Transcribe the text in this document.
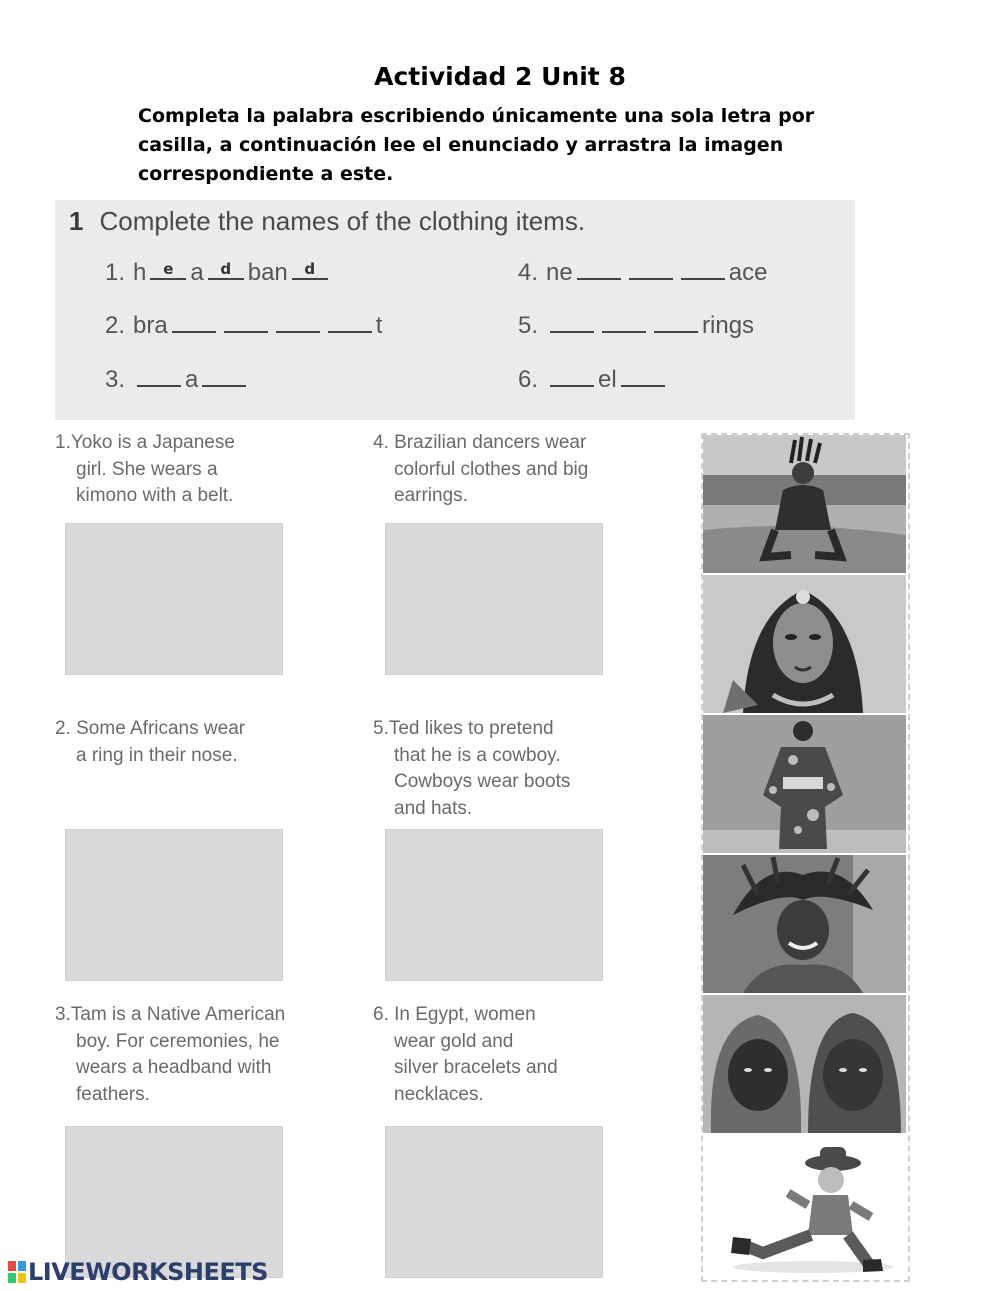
Actividad 2 Unit 8
Completa la palabra escribiendo únicamente una sola letra por
casilla, a continuación lee el enunciado y arrastra la imagen
correspondiente a este.
1 Complete the names of the clothing items.
1. h	e a	d ban	d
2. bra	t
3.	a
4. ne	ace
5.	rings
6.	el
1.Yoko is a Japanese
girl. She wears a
kimono with a belt.
4. Brazilian dancers wear
colorful clothes and big
earrings.
2. Some Africans wear
a ring in their nose.
5.Ted likes to pretend
that he is a cowboy.
Cowboys wear boots
and hats.
3.Tam is a Native American
boy. For ceremonies, he
wears a headband with
feathers.
6. In Egypt, women
wear gold and
silver bracelets and
necklaces.
LIVEWORKSHEETS
